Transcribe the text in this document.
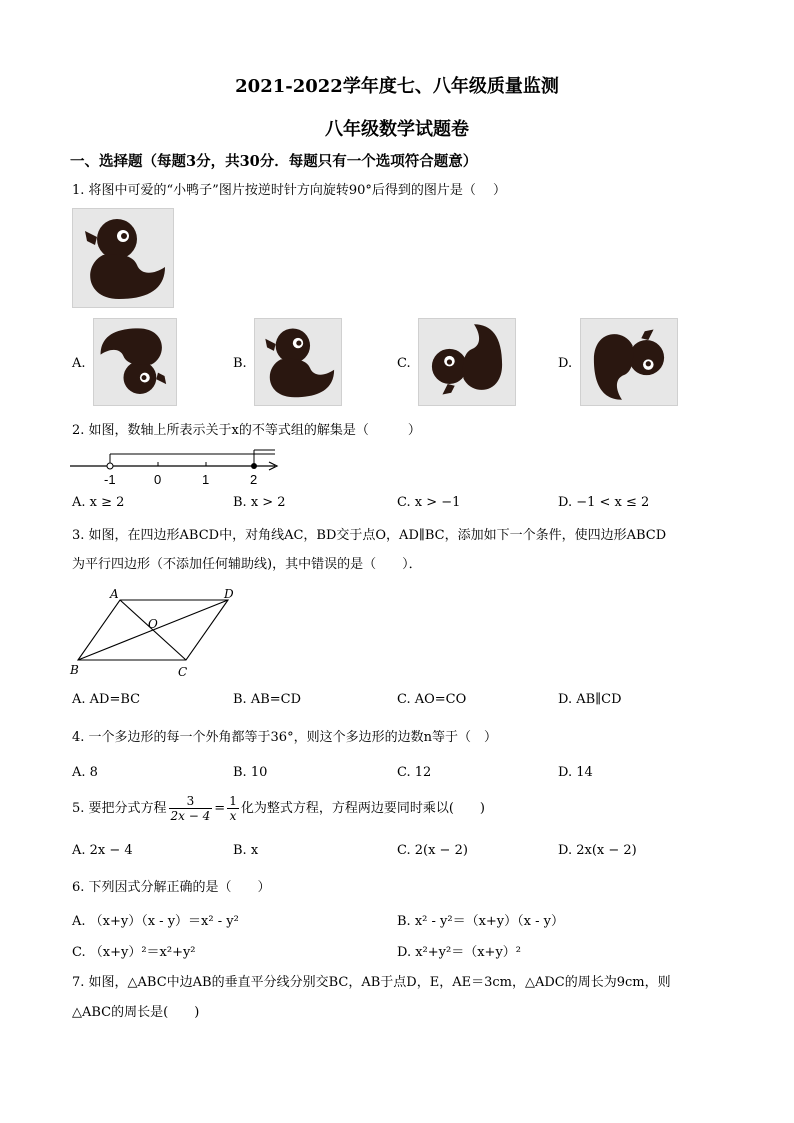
2021-2022学年度七、八年级质量监测
八年级数学试题卷
一、选择题（每题3分，共30分．每题只有一个选项符合题意）
1. 将图中可爱的“小鸭子”图片按逆时针方向旋转90°后得到的图片是（　 ）
A.	B.	C.	D.
2. 如图，数轴上所表示关于x的不等式组的解集是（　　　）
-1	0	1	2
A. x ≥ 2	B. x > 2	C. x > −1	D. −1 < x ≤ 2
3. 如图，在四边形ABCD中，对角线AC，BD交于点O，AD∥BC，添加如下一个条件，使四边形ABCD
为平行四边形（不添加任何辅助线)，其中错误的是（　　）．
A	D
O
B	C
A. AD=BC	B. AB=CD	C. AO=CO	D. AB∥CD
4. 一个多边形的每一个外角都等于36°，则这个多边形的边数n等于（　）
A. 8	B. 10	C. 12	D. 14
5. 要把分式方程 $\frac{3}{2x - 4} = \frac{1}{x}$ 化为整式方程，方程两边要同时乘以(　　)
A. 2x − 4	B. x	C. 2(x − 2)	D. 2x(x − 2)
6. 下列因式分解正确的是（　　）
A. （x+y）（x - y）＝x² - y²	B. x² - y²＝（x+y）（x - y）
C. （x+y）²＝x²+y²	D. x²+y²＝（x+y）²
7. 如图，△ABC中边AB的垂直平分线分别交BC，AB于点D，E，AE＝3cm，△ADC的周长为9cm，则
△ABC的周长是(　　)
